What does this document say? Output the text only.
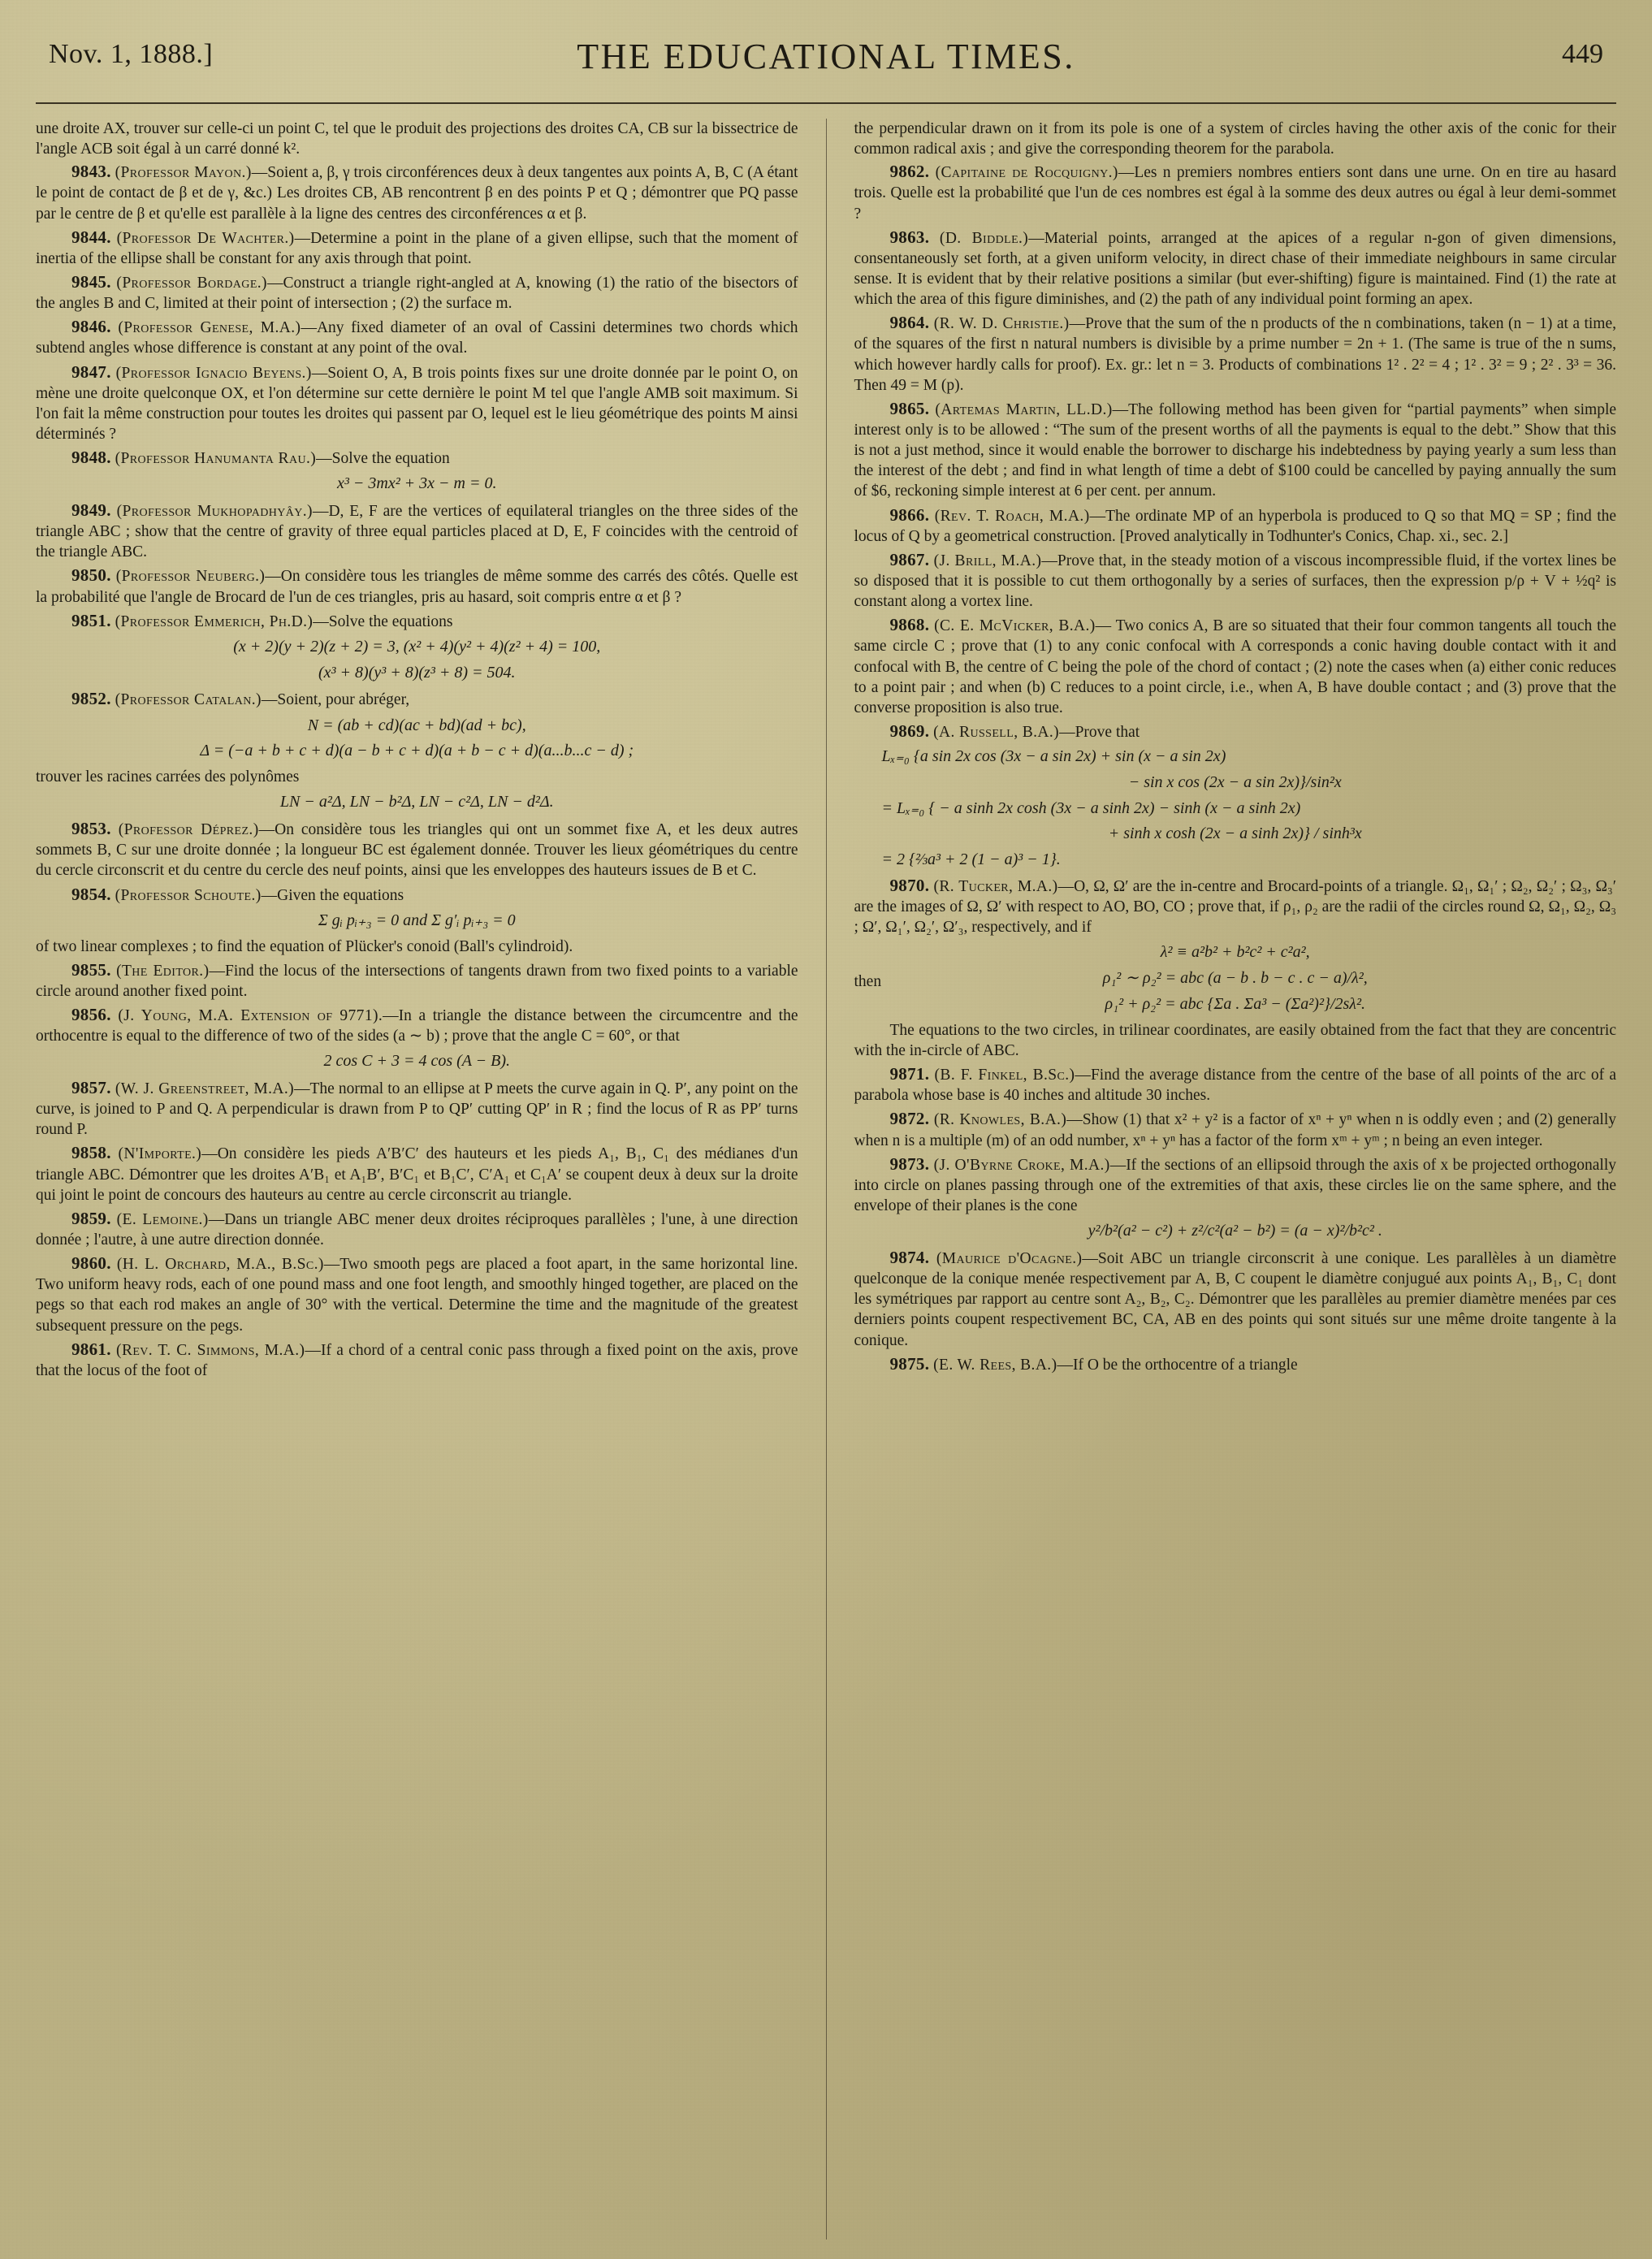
Nov. 1, 1888.]	THE EDUCATIONAL TIMES.	449

une droite AX, trouver sur celle-ci un point C, tel que le produit des projections des droites CA, CB sur la bissectrice de l'angle ACB soit égal à un carré donné k².

9843. (Professor Mayon.)—Soient a, β, γ trois circonférences deux à deux tangentes aux points A, B, C (A étant le point de contact de β et de γ, &c.) Les droites CB, AB rencontrent β en des points P et Q ; démontrer que PQ passe par le centre de β et qu'elle est parallèle à la ligne des centres des circonférences α et β.

9844. (Professor De Wachter.)—Determine a point in the plane of a given ellipse, such that the moment of inertia of the ellipse shall be constant for any axis through that point.

9845. (Professor Bordage.)—Construct a triangle right-angled at A, knowing (1) the ratio of the bisectors of the angles B and C, limited at their point of intersection ; (2) the surface m.

9846. (Professor Genese, M.A.)—Any fixed diameter of an oval of Cassini determines two chords which subtend angles whose difference is constant at any point of the oval.

9847. (Professor Ignacio Beyens.)—Soient O, A, B trois points fixes sur une droite donnée par le point O, on mène une droite quelconque OX, et l'on détermine sur cette dernière le point M tel que l'angle AMB soit maximum. Si l'on fait la même construction pour toutes les droites qui passent par O, lequel est le lieu géométrique des points M ainsi déterminés ?

9848. (Professor Hanumanta Rau.)—Solve the equation

x³ − 3mx² + 3x − m = 0.

9849. (Professor Mukhopadhyây.)—D, E, F are the vertices of equilateral triangles on the three sides of the triangle ABC ; show that the centre of gravity of three equal particles placed at D, E, F coincides with the centroid of the triangle ABC.

9850. (Professor Neuberg.)—On considère tous les triangles de même somme des carrés des côtés. Quelle est la probabilité que l'angle de Brocard de l'un de ces triangles, pris au hasard, soit compris entre α et β ?

9851. (Professor Emmerich, Ph.D.)—Solve the equations

(x + 2)(y + 2)(z + 2) = 3, (x² + 4)(y² + 4)(z² + 4) = 100,
(x³ + 8)(y³ + 8)(z³ + 8) = 504.

9852. (Professor Catalan.)—Soient, pour abréger,

N = (ab + cd)(ac + bd)(ad + bc),
Δ = (−a + b + c + d)(a − b + c + d)(a + b − c + d)(a...b...c − d) ;

trouver les racines carrées des polynômes

LN − a²Δ, LN − b²Δ, LN − c²Δ, LN − d²Δ.

9853. (Professor Déprez.)—On considère tous les triangles qui ont un sommet fixe A, et les deux autres sommets B, C sur une droite donnée ; la longueur BC est également donnée. Trouver les lieux géométriques du centre du cercle circonscrit et du centre du cercle des neuf points, ainsi que les enveloppes des hauteurs issues de B et C.

9854. (Professor Schoute.)—Given the equations

Σ gᵢ pᵢ₊₃ = 0 and Σ g′ᵢ pᵢ₊₃ = 0

of two linear complexes ; to find the equation of Plücker's conoid (Ball's cylindroid).

9855. (The Editor.)—Find the locus of the intersections of tangents drawn from two fixed points to a variable circle around another fixed point.

9856. (J. Young, M.A. Extension of 9771).—In a triangle the distance between the circumcentre and the orthocentre is equal to the difference of two of the sides (a ∼ b) ; prove that the angle C = 60°, or that
2 cos C + 3 = 4 cos (A − B).

9857. (W. J. Greenstreet, M.A.)—The normal to an ellipse at P meets the curve again in Q. P′, any point on the curve, is joined to P and Q. A perpendicular is drawn from P to QP′ cutting QP′ in R ; find the locus of R as PP′ turns round P.

9858. (N'Importe.)—On considère les pieds A′B′C′ des hauteurs et les pieds A₁, B₁, C₁ des médianes d'un triangle ABC. Démontrer que les droites A′B₁ et A₁B′, B′C₁ et B₁C′, C′A₁ et C₁A′ se coupent deux à deux sur la droite qui joint le point de concours des hauteurs au centre au cercle circonscrit au triangle.

9859. (E. Lemoine.)—Dans un triangle ABC mener deux droites réciproques parallèles ; l'une, à une direction donnée ; l'autre, à une autre direction donnée.

9860. (H. L. Orchard, M.A., B.Sc.)—Two smooth pegs are placed a foot apart, in the same horizontal line. Two uniform heavy rods, each of one pound mass and one foot length, and smoothly hinged together, are placed on the pegs so that each rod makes an angle of 30° with the vertical. Determine the time and the magnitude of the greatest subsequent pressure on the pegs.

9861. (Rev. T. C. Simmons, M.A.)—If a chord of a central conic pass through a fixed point on the axis, prove that the locus of the foot of

the perpendicular drawn on it from its pole is one of a system of circles having the other axis of the conic for their common radical axis ; and give the corresponding theorem for the parabola.

9862. (Capitaine de Rocquigny.)—Les n premiers nombres entiers sont dans une urne. On en tire au hasard trois. Quelle est la probabilité que l'un de ces nombres est égal à la somme des deux autres ou égal à leur demi-sommet ?

9863. (D. Biddle.)—Material points, arranged at the apices of a regular n-gon of given dimensions, consentaneously set forth, at a given uniform velocity, in direct chase of their immediate neighbours in same circular sense. It is evident that by their relative positions a similar (but ever-shifting) figure is maintained. Find (1) the rate at which the area of this figure diminishes, and (2) the path of any individual point forming an apex.

9864. (R. W. D. Christie.)—Prove that the sum of the n products of the n combinations, taken (n − 1) at a time, of the squares of the first n natural numbers is divisible by a prime number = 2n + 1. (The same is true of the n sums, which however hardly calls for proof). Ex. gr.: let n = 3. Products of combinations 1² . 2² = 4 ; 1² . 3² = 9 ; 2² . 3³ = 36. Then 49 = M (p).

9865. (Artemas Martin, LL.D.)—The following method has been given for “partial payments” when simple interest only is to be allowed : “The sum of the present worths of all the payments is equal to the debt.” Show that this is not a just method, since it would enable the borrower to discharge his indebtedness by paying yearly a sum less than the interest of the debt ; and find in what length of time a debt of $100 could be cancelled by paying annually the sum of $6, reckoning simple interest at 6 per cent. per annum.

9866. (Rev. T. Roach, M.A.)—The ordinate MP of an hyperbola is produced to Q so that MQ = SP ; find the locus of Q by a geometrical construction. [Proved analytically in Todhunter's Conics, Chap. xi., sec. 2.]

9867. (J. Brill, M.A.)—Prove that, in the steady motion of a viscous incompressible fluid, if the vortex lines be so disposed that it is possible to cut them orthogonally by a series of surfaces, then the expression p/ρ + V + ½q² is constant along a vortex line.

9868. (C. E. McVicker, B.A.)— Two conics A, B are so situated that their four common tangents all touch the same circle C ; prove that (1) to any conic confocal with A corresponds a conic having double contact with it and confocal with B, the centre of C being the pole of the chord of contact ; (2) note the cases when (a) either conic reduces to a point pair ; and when (b) C reduces to a point circle, i.e., when A, B have double contact ; and (3) prove that the converse proposition is also true.

9869. (A. Russell, B.A.)—Prove that

Lₓ₌₀ {a sin 2x cos (3x − a sin 2x) + sin (x − a sin 2x)
− sin x cos (2x − a sin 2x)}/sin²x
= Lₓ₌₀ { − a sinh 2x cosh (3x − a sinh 2x) − sinh (x − a sinh 2x)
+ sinh x cosh (2x − a sinh 2x)} / sinh³x
= 2 {⅔a³ + 2 (1 − a)³ − 1}.

9870. (R. Tucker, M.A.)—O, Ω, Ω′ are the in-centre and Brocard-points of a triangle. Ω₁, Ω₁′ ; Ω₂, Ω₂′ ; Ω₃, Ω₃′ are the images of Ω, Ω′ with respect to AO, BO, CO ; prove that, if ρ₁, ρ₂ are the radii of the circles round Ω, Ω₁, Ω₂, Ω₃ ; Ω′, Ω₁′, Ω₂′, Ω′₃, respectively, and if

λ² ≡ a²b² + b²c² + c²a²,
then	ρ₁² ∼ ρ₂² = abc (a − b . b − c . c − a)/λ²,
ρ₁² + ρ₂² = abc {Σa . Σa³ − (Σa²)²}/2sλ².

The equations to the two circles, in trilinear coordinates, are easily obtained from the fact that they are concentric with the in-circle of ABC.

9871. (B. F. Finkel, B.Sc.)—Find the average distance from the centre of the base of all points of the arc of a parabola whose base is 40 inches and altitude 30 inches.

9872. (R. Knowles, B.A.)—Show (1) that x² + y² is a factor of xⁿ + yⁿ when n is oddly even ; and (2) generally when n is a multiple (m) of an odd number, xⁿ + yⁿ has a factor of the form xᵐ + yᵐ ; n being an even integer.

9873. (J. O'Byrne Croke, M.A.)—If the sections of an ellipsoid through the axis of x be projected orthogonally into circle on planes passing through one of the extremities of that axis, these circles lie on the same sphere, and the envelope of their planes is the cone

y²/b²(a² − c²) + z²/c²(a² − b²) = (a − x)²/b²c² .

9874. (Maurice d'Ocagne.)—Soit ABC un triangle circonscrit à une conique. Les parallèles à un diamètre quelconque de la conique menée respectivement par A, B, C coupent le diamètre conjugué aux points A₁, B₁, C₁ dont les symétriques par rapport au centre sont A₂, B₂, C₂. Démontrer que les parallèles au premier diamètre menées par ces derniers points coupent respectivement BC, CA, AB en des points qui sont situés sur une même droite tangente à la conique.

9875. (E. W. Rees, B.A.)—If O be the orthocentre of a triangle
